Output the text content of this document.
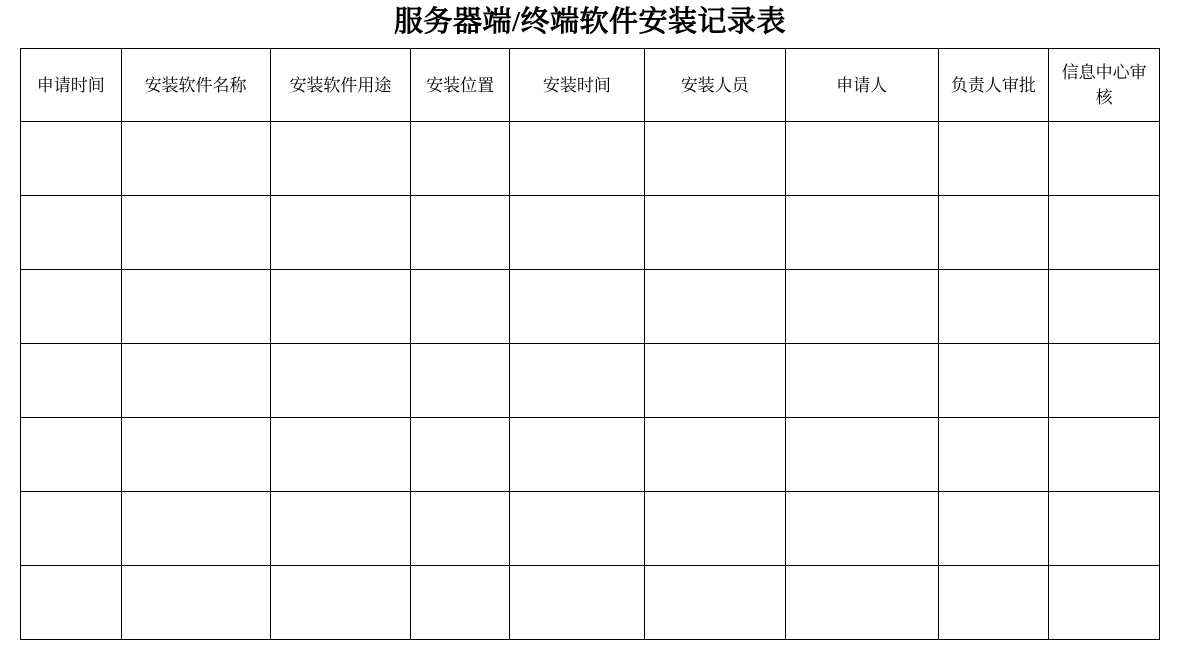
服务器端/终端软件安装记录表
申请时间	安装软件名称	安装软件用途	安装位置	安装时间	安装人员	申请人	负责人审批	信息中心审核
